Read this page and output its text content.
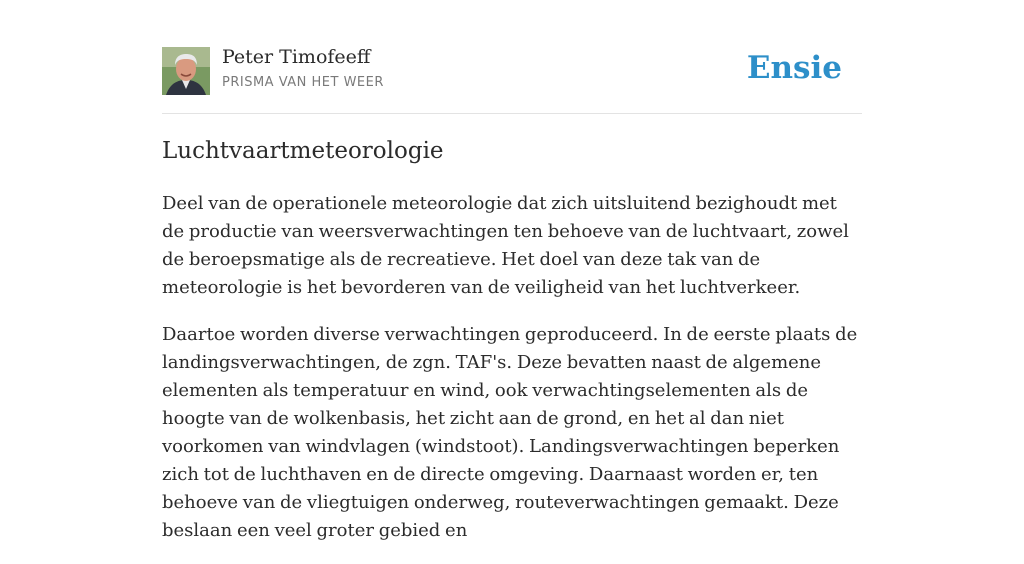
Peter Timofeeff
PRISMA VAN HET WEER	Ensie
Luchtvaartmeteorologie

Deel van de operationele meteorologie dat zich uitsluitend bezighoudt met de productie van weersverwachtingen ten behoeve van de luchtvaart, zowel de beroepsmatige als de recreatieve. Het doel van deze tak van de meteorologie is het bevorderen van de veiligheid van het luchtverkeer.

Daartoe worden diverse verwachtingen geproduceerd. In de eerste plaats de landingsverwachtingen, de zgn. TAF's. Deze bevatten naast de algemene elementen als temperatuur en wind, ook verwachtingselementen als de hoogte van de wolkenbasis, het zicht aan de grond, en het al dan niet voorkomen van windvlagen (windstoot). Landingsverwachtingen beperken zich tot de luchthaven en de directe omgeving. Daarnaast worden er, ten behoeve van de vliegtuigen onderweg, routeverwachtingen gemaakt. Deze beslaan een veel groter gebied en
